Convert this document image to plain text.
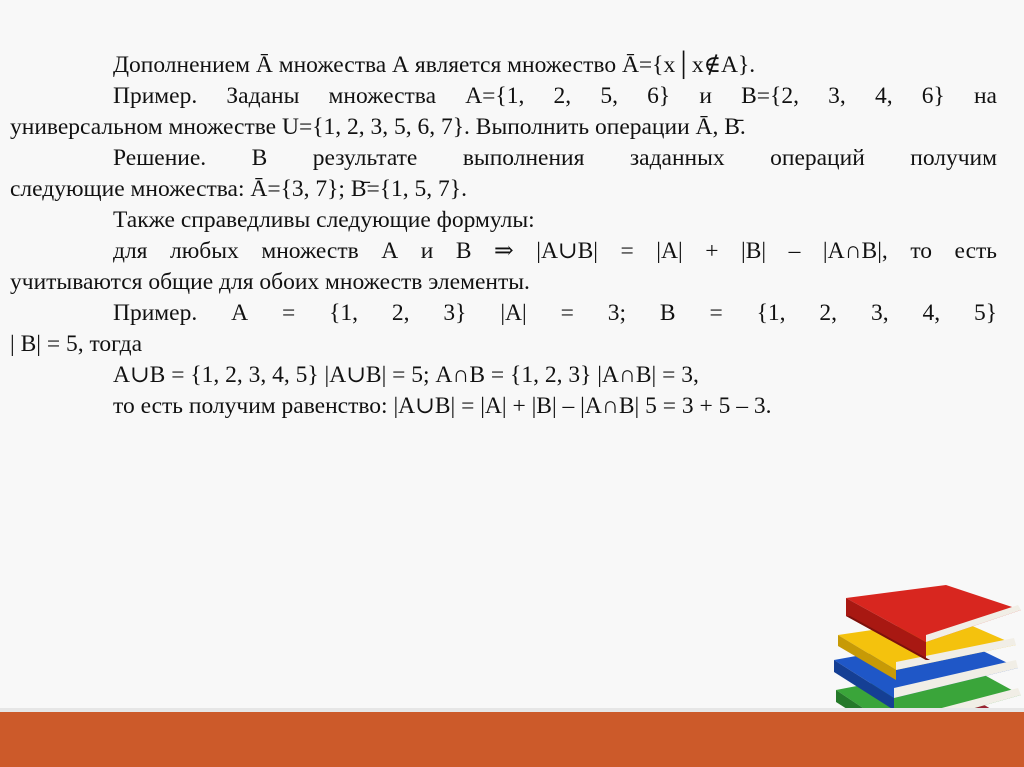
Дополнением Ā множества А является множество Ā={х│х∉А}.
Пример. Заданы множества А={1, 2, 5, 6} и В={2, 3, 4, 6} на
универсальном множестве U={1, 2, 3, 5, 6, 7}. Выполнить операции Ā, В̄.
Решение. В результате выполнения заданных операций получим
следующие множества: Ā={3, 7}; В̄={1, 5, 7}.
Также справедливы следующие формулы:
для любых множеств А и В ⇒ |А∪В| = |А| + |В| – |А∩В|, то есть
учитываются общие для обоих множеств элементы.
Пример. А = {1, 2, 3} |А| = 3; В = {1, 2, 3, 4, 5}
| В| = 5, тогда
А∪В = {1, 2, 3, 4, 5} |А∪В| = 5; А∩В = {1, 2, 3} |А∩В| = 3,
то есть получим равенство: |А∪В| = |А| + |В| – |А∩В| 5 = 3 + 5 – 3.
